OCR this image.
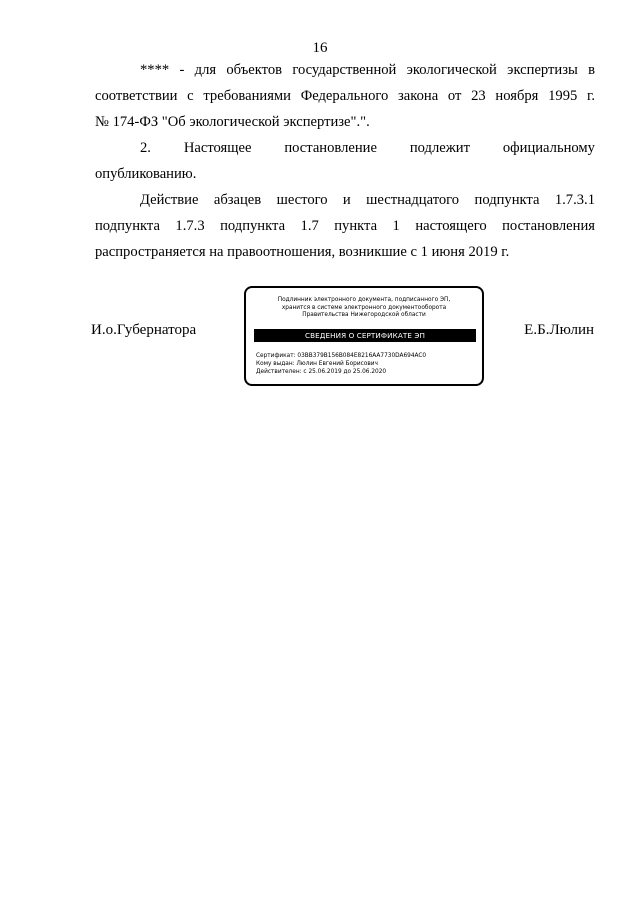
16

**** - для объектов государственной экологической экспертизы в
соответствии с требованиями Федерального закона от 23 ноября 1995 г.
№ 174-ФЗ "Об экологической экспертизе".".

2. Настоящее постановление подлежит официальному
опубликованию.

Действие абзацев шестого и шестнадцатого подпункта 1.7.3.1
подпункта 1.7.3 подпункта 1.7 пункта 1 настоящего постановления
распространяется на правоотношения, возникшие с 1 июня 2019 г.

И.о.Губернатора
Подлинник электронного документа, подписанного ЭП,
хранится в системе электронного документооборота
Правительства Нижегородской области
СВЕДЕНИЯ О СЕРТИФИКАТЕ ЭП
Сертификат: 03BB379B156B084E8216AA7730DA694AC0
Кому выдан: Люлин Евгений Борисович
Действителен: с 25.06.2019 до 25.06.2020
Е.Б.Люлин
